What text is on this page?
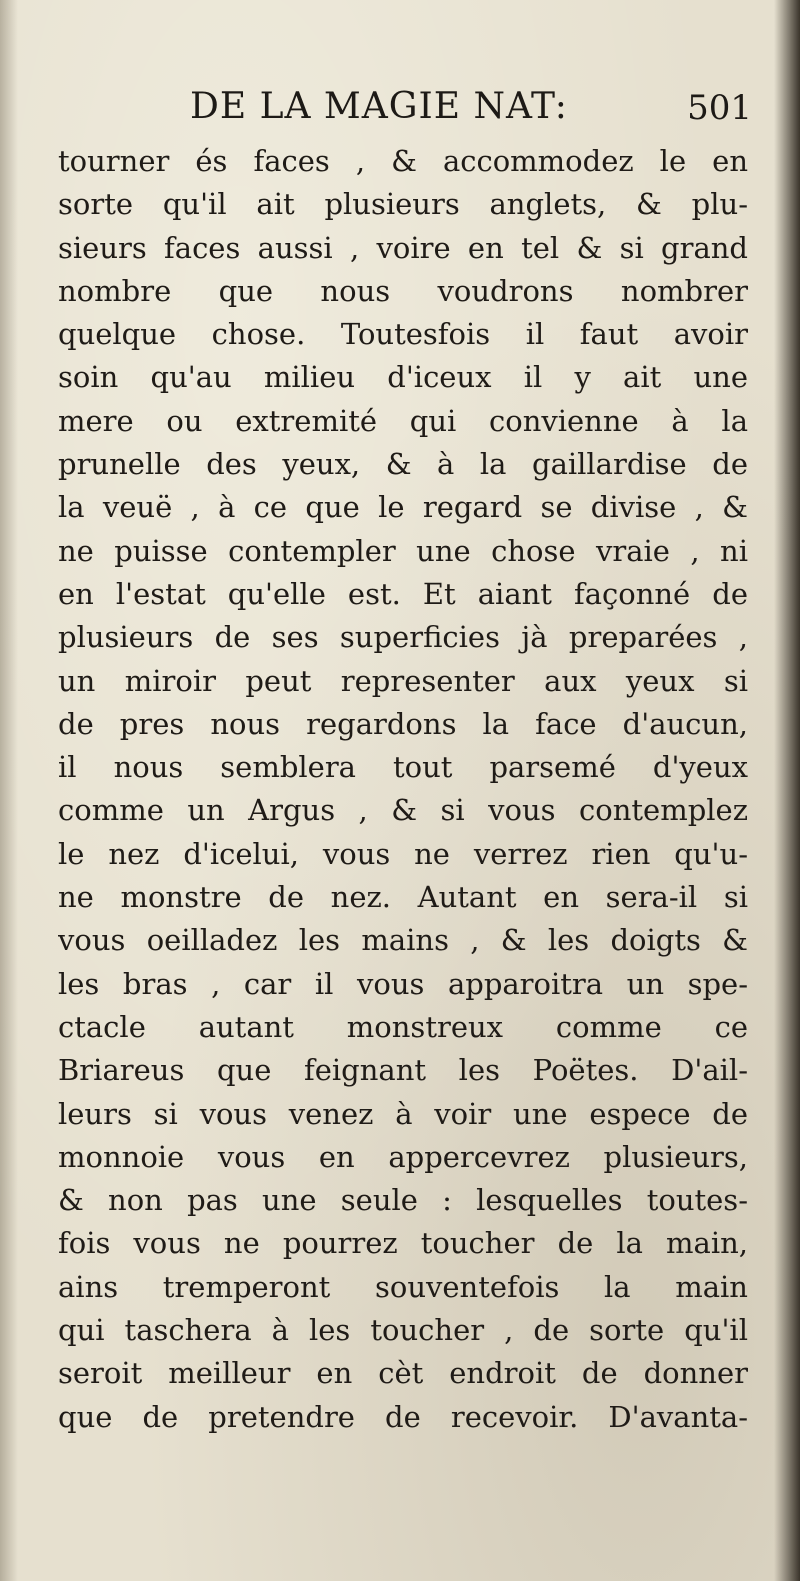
DE LA MAGIE NAT:	501
tourner és faces , & accommodez le en
sorte qu'il ait plusieurs anglets, & plu-
sieurs faces aussi , voire en tel & si grand
nombre que nous voudrons nombrer
quelque chose. Toutesfois il faut avoir
soin qu'au milieu d'iceux il y ait une
mere ou extremité qui convienne à la
prunelle des yeux, & à la gaillardise de
la veuë , à ce que le regard se divise , &
ne puisse contempler une chose vraie , ni
en l'estat qu'elle est. Et aiant façonné de
plusieurs de ses superficies jà preparées ,
un miroir peut representer aux yeux si
de pres nous regardons la face d'aucun,
il nous semblera tout parsemé d'yeux
comme un Argus , & si vous contemplez
le nez d'icelui, vous ne verrez rien qu'u-
ne monstre de nez. Autant en sera-il si
vous oeilladez les mains , & les doigts &
les bras , car il vous apparoitra un spe-
ctacle autant monstreux comme ce
Briareus que feignant les Poëtes. D'ail-
leurs si vous venez à voir une espece de
monnoie vous en appercevrez plusieurs,
& non pas une seule : lesquelles toutes-
fois vous ne pourrez toucher de la main,
ains tremperont souventefois la main
qui taschera à les toucher , de sorte qu'il
seroit meilleur en cèt endroit de donner
que de pretendre de recevoir. D'avanta-
